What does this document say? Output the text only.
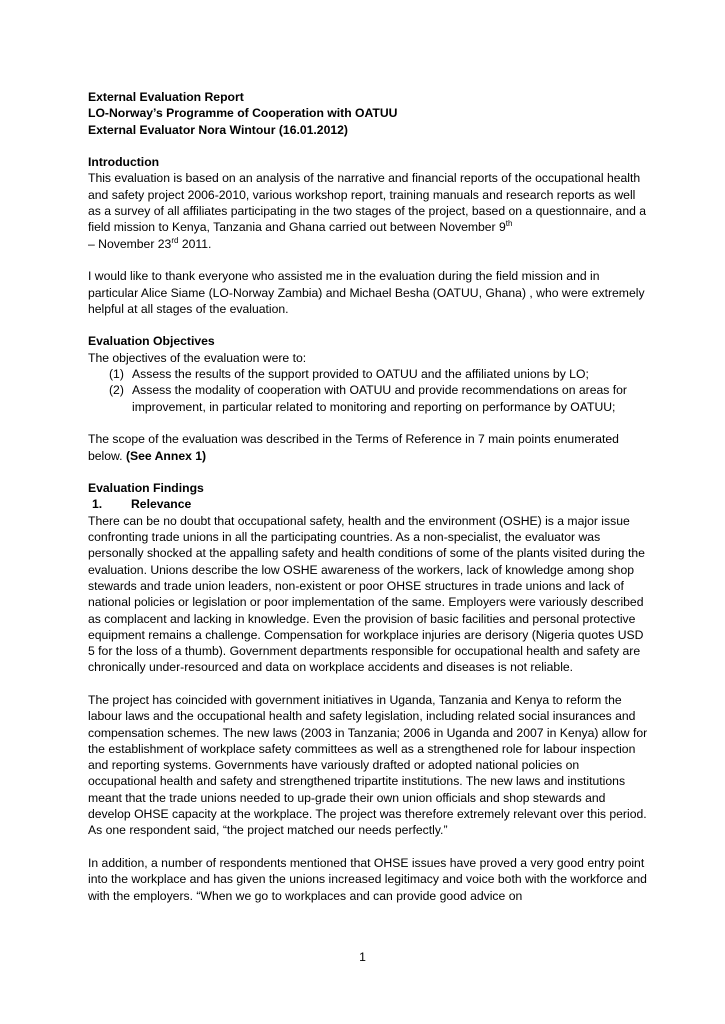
External Evaluation Report

LO-Norway’s Programme of Cooperation with OATUU

External Evaluator Nora Wintour (16.01.2012)

Introduction

This evaluation is based on an analysis of the narrative and financial reports of the occupational health and safety project 2006-2010, various workshop report, training manuals and research reports as well as a survey of all affiliates participating in the two stages of the project, based on a questionnaire, and a field mission to Kenya, Tanzania and Ghana carried out between November 9th
– November 23rd 2011.

I would like to thank everyone who assisted me in the evaluation during the field mission and in particular Alice Siame (LO-Norway Zambia) and Michael Besha (OATUU, Ghana) , who were extremely helpful at all stages of the evaluation.

Evaluation Objectives

The objectives of the evaluation were to:

(1) Assess the results of the support provided to OATUU and the affiliated unions by LO;
(2) Assess the modality of cooperation with OATUU and provide recommendations on areas for improvement, in particular related to monitoring and reporting on performance by OATUU;

The scope of the evaluation was described in the Terms of Reference in 7 main points enumerated below. (See Annex 1)

Evaluation Findings

1. Relevance

There can be no doubt that occupational safety, health and the environment (OSHE) is a major issue confronting trade unions in all the participating countries. As a non-specialist, the evaluator was personally shocked at the appalling safety and health conditions of some of the plants visited during the evaluation. Unions describe the low OSHE awareness of the workers, lack of knowledge among shop stewards and trade union leaders, non-existent or poor OHSE structures in trade unions and lack of national policies or legislation or poor implementation of the same. Employers were variously described as complacent and lacking in knowledge. Even the provision of basic facilities and personal protective equipment remains a challenge. Compensation for workplace injuries are derisory (Nigeria quotes USD 5 for the loss of a thumb). Government departments responsible for occupational health and safety are chronically under-resourced and data on workplace accidents and diseases is not reliable.

The project has coincided with government initiatives in Uganda, Tanzania and Kenya to reform the labour laws and the occupational health and safety legislation, including related social insurances and compensation schemes. The new laws (2003 in Tanzania; 2006 in Uganda and 2007 in Kenya) allow for the establishment of workplace safety committees as well as a strengthened role for labour inspection and reporting systems. Governments have variously drafted or adopted national policies on occupational health and safety and strengthened tripartite institutions. The new laws and institutions meant that the trade unions needed to up-grade their own union officials and shop stewards and develop OHSE capacity at the workplace. The project was therefore extremely relevant over this period. As one respondent said, “the project matched our needs perfectly.”

In addition, a number of respondents mentioned that OHSE issues have proved a very good entry point into the workplace and has given the unions increased legitimacy and voice both with the workforce and with the employers. “When we go to workplaces and can provide good advice on

1
